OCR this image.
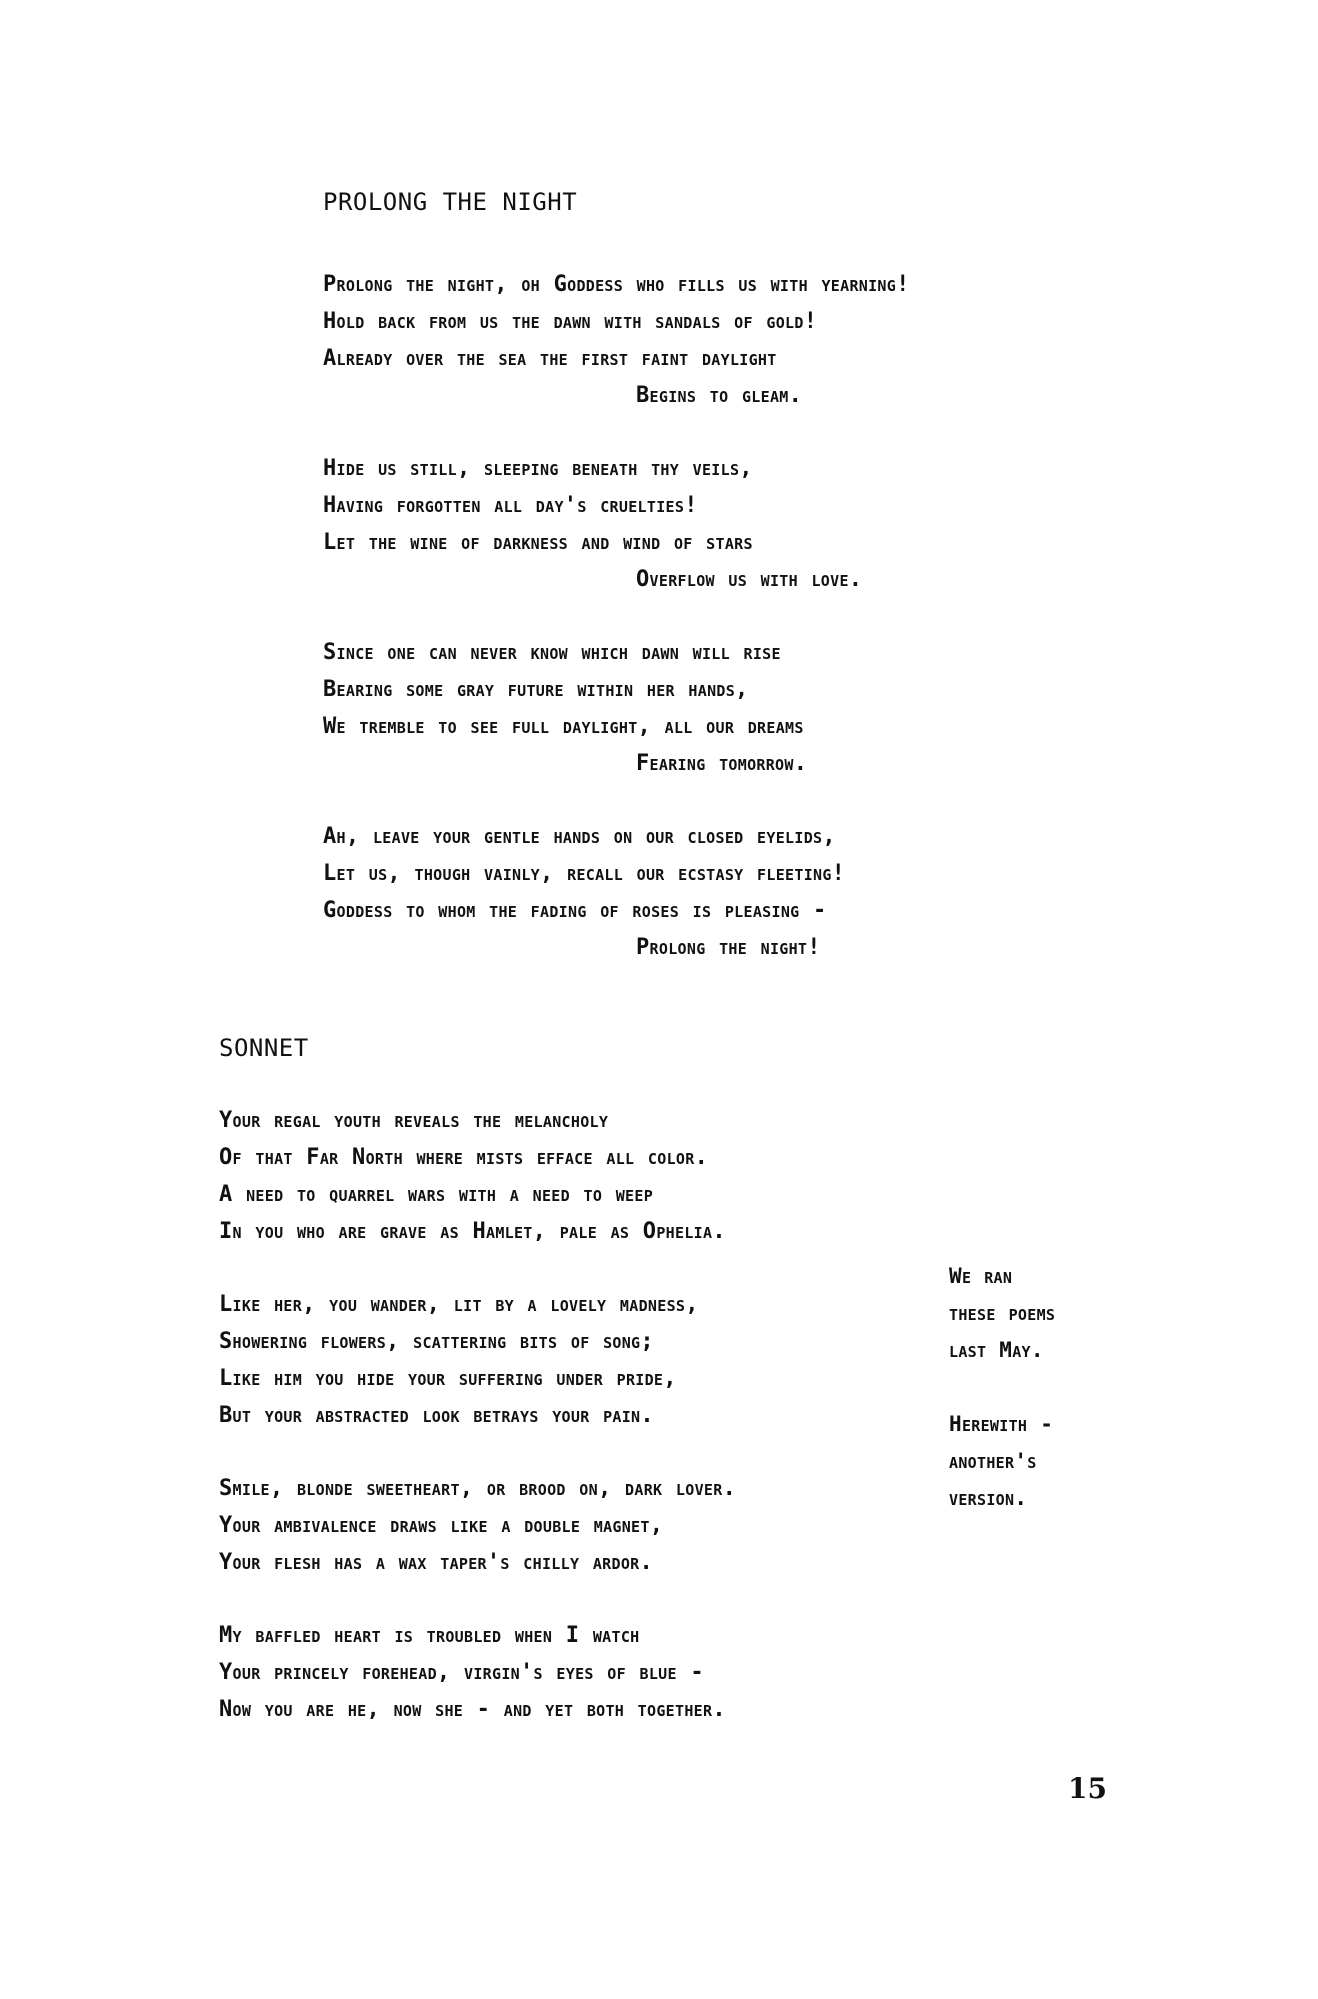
PROLONG THE NIGHT
Prolong the night, oh Goddess who fills us with yearning!
Hold back from us the dawn with sandals of gold!
Already over the sea the first faint daylight
Begins to gleam.
Hide us still, sleeping beneath thy veils,
Having forgotten all day's cruelties!
Let the wine of darkness and wind of stars
Overflow us with love.
Since one can never know which dawn will rise
Bearing some gray future within her hands,
We tremble to see full daylight, all our dreams
Fearing tomorrow.
Ah, leave your gentle hands on our closed eyelids,
Let us, though vainly, recall our ecstasy fleeting!
Goddess to whom the fading of roses is pleasing -
Prolong the night!
SONNET
Your regal youth reveals the melancholy
Of that Far North where mists efface all color.
A need to quarrel wars with a need to weep
In you who are grave as Hamlet, pale as Ophelia.
Like her, you wander, lit by a lovely madness,
Showering flowers, scattering bits of song;
Like him you hide your suffering under pride,
But your abstracted look betrays your pain.
Smile, blonde sweetheart, or brood on, dark lover.
Your ambivalence draws like a double magnet,
Your flesh has a wax taper's chilly ardor.
My baffled heart is troubled when I watch
Your princely forehead, virgin's eyes of blue -
Now you are he, now she - and yet both together.
We ran
these poems
last May.
Herewith -
another's
version.
15
